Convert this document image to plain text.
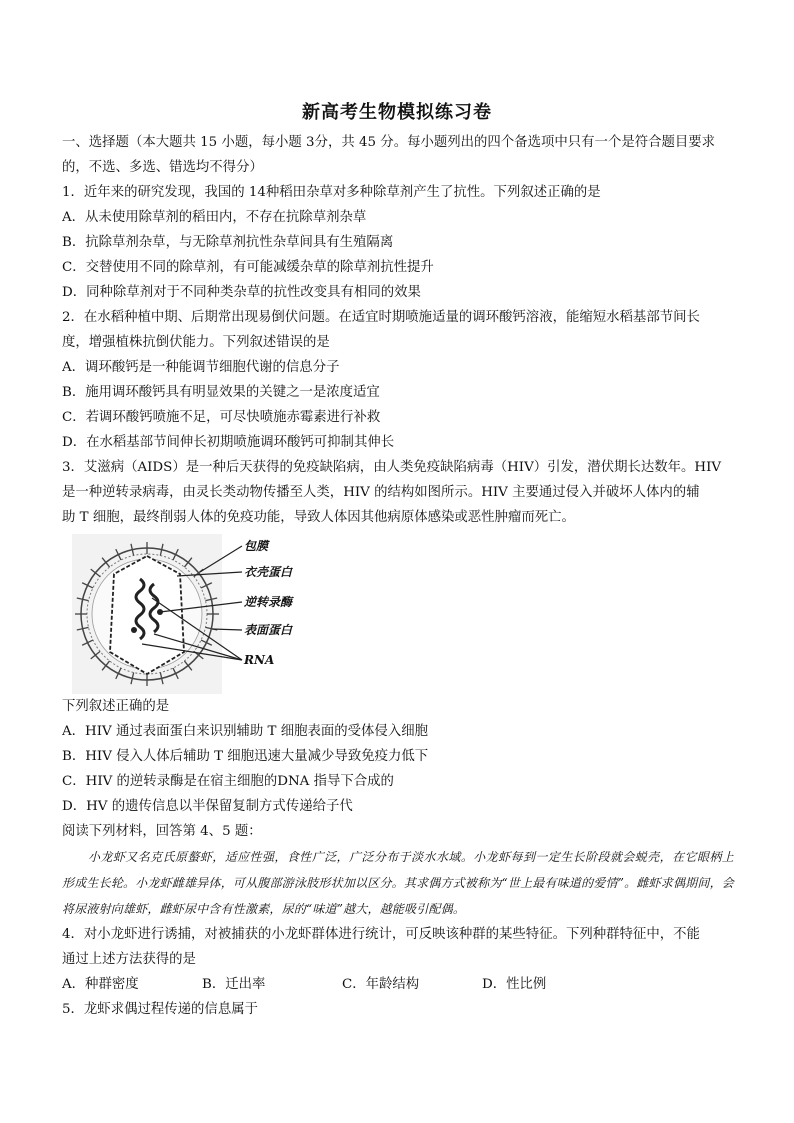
新高考生物模拟练习卷
一、选择题（本大题共 15 小题，每小题 3分，共 45 分。每小题列出的四个备选项中只有一个是符合题目要求
的，不选、多选、错选均不得分）
1．近年来的研究发现，我国的 14种稻田杂草对多种除草剂产生了抗性。下列叙述正确的是
A．从未使用除草剂的稻田内，不存在抗除草剂杂草
B．抗除草剂杂草，与无除草剂抗性杂草间具有生殖隔离
C．交替使用不同的除草剂，有可能减缓杂草的除草剂抗性提升
D．同种除草剂对于不同种类杂草的抗性改变具有相同的效果
2．在水稻种植中期、后期常出现易倒伏问题。在适宜时期喷施适量的调环酸钙溶液，能缩短水稻基部节间长
度，增强植株抗倒伏能力。下列叙述错误的是
A．调环酸钙是一种能调节细胞代谢的信息分子
B．施用调环酸钙具有明显效果的关键之一是浓度适宜
C．若调环酸钙喷施不足，可尽快喷施赤霉素进行补救
D．在水稻基部节间伸长初期喷施调环酸钙可抑制其伸长
3．艾滋病（AIDS）是一种后天获得的免疫缺陷病，由人类免疫缺陷病毒（HIV）引发，潜伏期长达数年。HIV
是一种逆转录病毒，由灵长类动物传播至人类，HIV 的结构如图所示。HIV 主要通过侵入并破坏人体内的辅
助 T 细胞，最终削弱人体的免疫功能，导致人体因其他病原体感染或恶性肿瘤而死亡。
包膜
衣壳蛋白
逆转录酶
表面蛋白
RNA
下列叙述正确的是
A．HIV 通过表面蛋白来识别辅助 T 细胞表面的受体侵入细胞
B．HIV 侵入人体后辅助 T 细胞迅速大量减少导致免疫力低下
C．HIV 的逆转录酶是在宿主细胞的DNA 指导下合成的
D．HV 的遗传信息以半保留复制方式传递给子代
阅读下列材料，回答第 4、5 题：
小龙虾又名克氏原螯虾，适应性强，食性广泛，广泛分布于淡水水域。小龙虾每到一定生长阶段就会蜕壳，在它眼柄上形成生长轮。小龙虾雌雄异体，可从腹部游泳肢形状加以区分。其求偶方式被称为“世上最有味道的爱情”。雌虾求偶期间，会将尿液射向雄虾，雌虾尿中含有性激素，尿的“味道”越大，越能吸引配偶。
4．对小龙虾进行诱捕，对被捕获的小龙虾群体进行统计，可反映该种群的某些特征。下列种群特征中，不能
通过上述方法获得的是
A．种群密度	B．迁出率	C．年龄结构	D．性比例
5．龙虾求偶过程传递的信息属于
